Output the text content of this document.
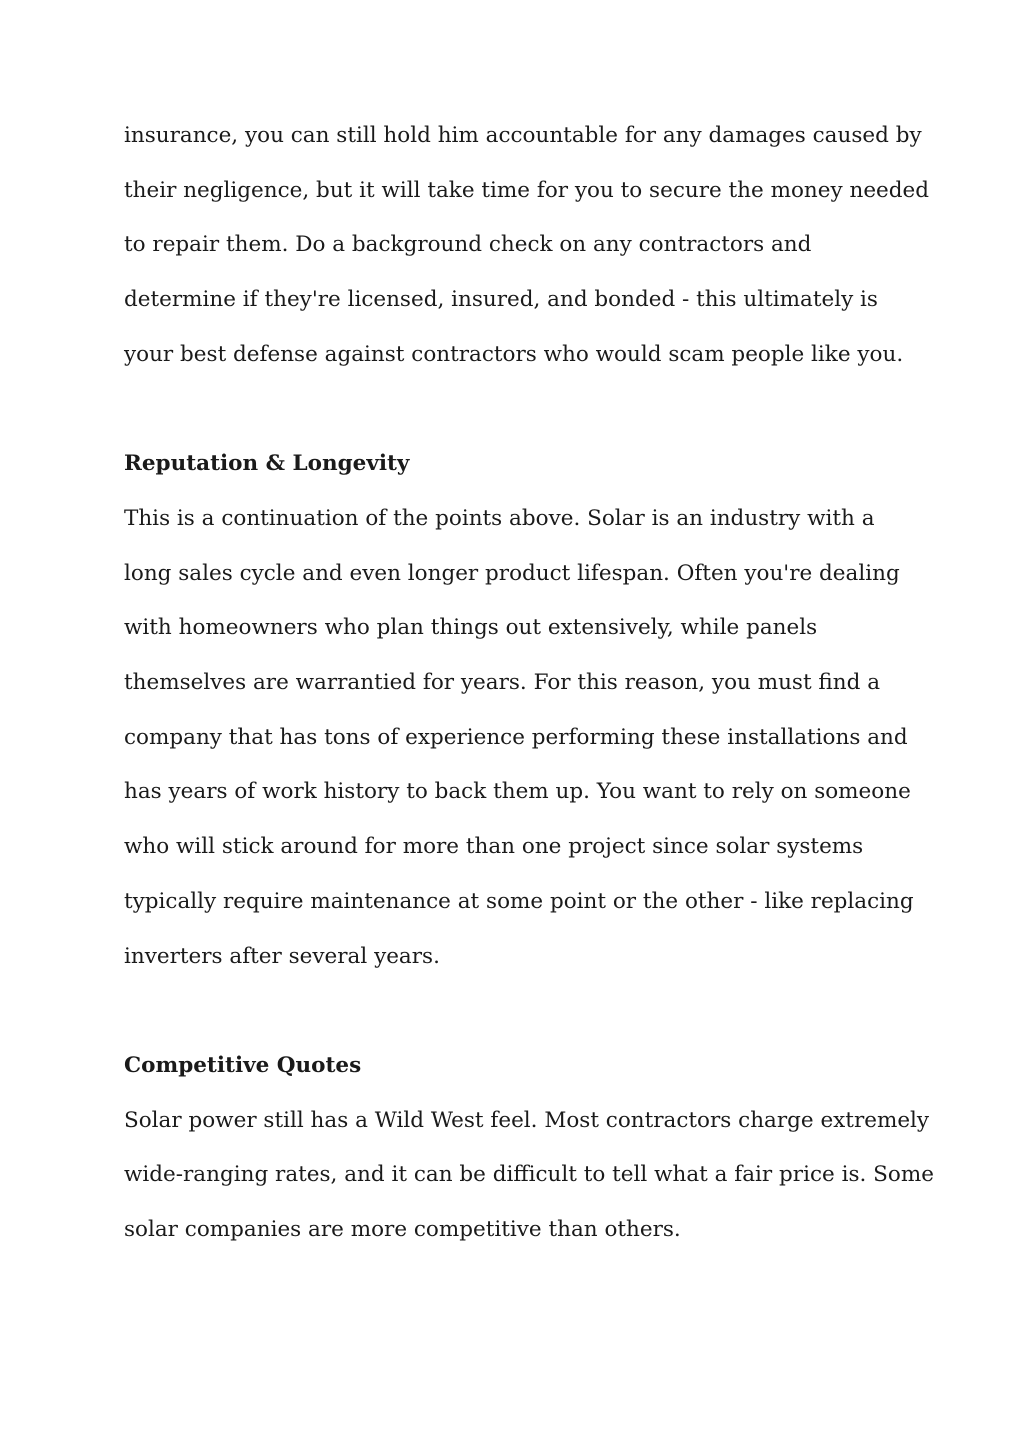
insurance, you can still hold him accountable for any damages caused by
their negligence, but it will take time for you to secure the money needed
to repair them. Do a background check on any contractors and
determine if they're licensed, insured, and bonded - this ultimately is
your best defense against contractors who would scam people like you.
Reputation & Longevity
This is a continuation of the points above. Solar is an industry with a
long sales cycle and even longer product lifespan. Often you're dealing
with homeowners who plan things out extensively, while panels
themselves are warrantied for years. For this reason, you must find a
company that has tons of experience performing these installations and
has years of work history to back them up. You want to rely on someone
who will stick around for more than one project since solar systems
typically require maintenance at some point or the other - like replacing
inverters after several years.
Competitive Quotes
Solar power still has a Wild West feel. Most contractors charge extremely
wide-ranging rates, and it can be difficult to tell what a fair price is. Some
solar companies are more competitive than others.
